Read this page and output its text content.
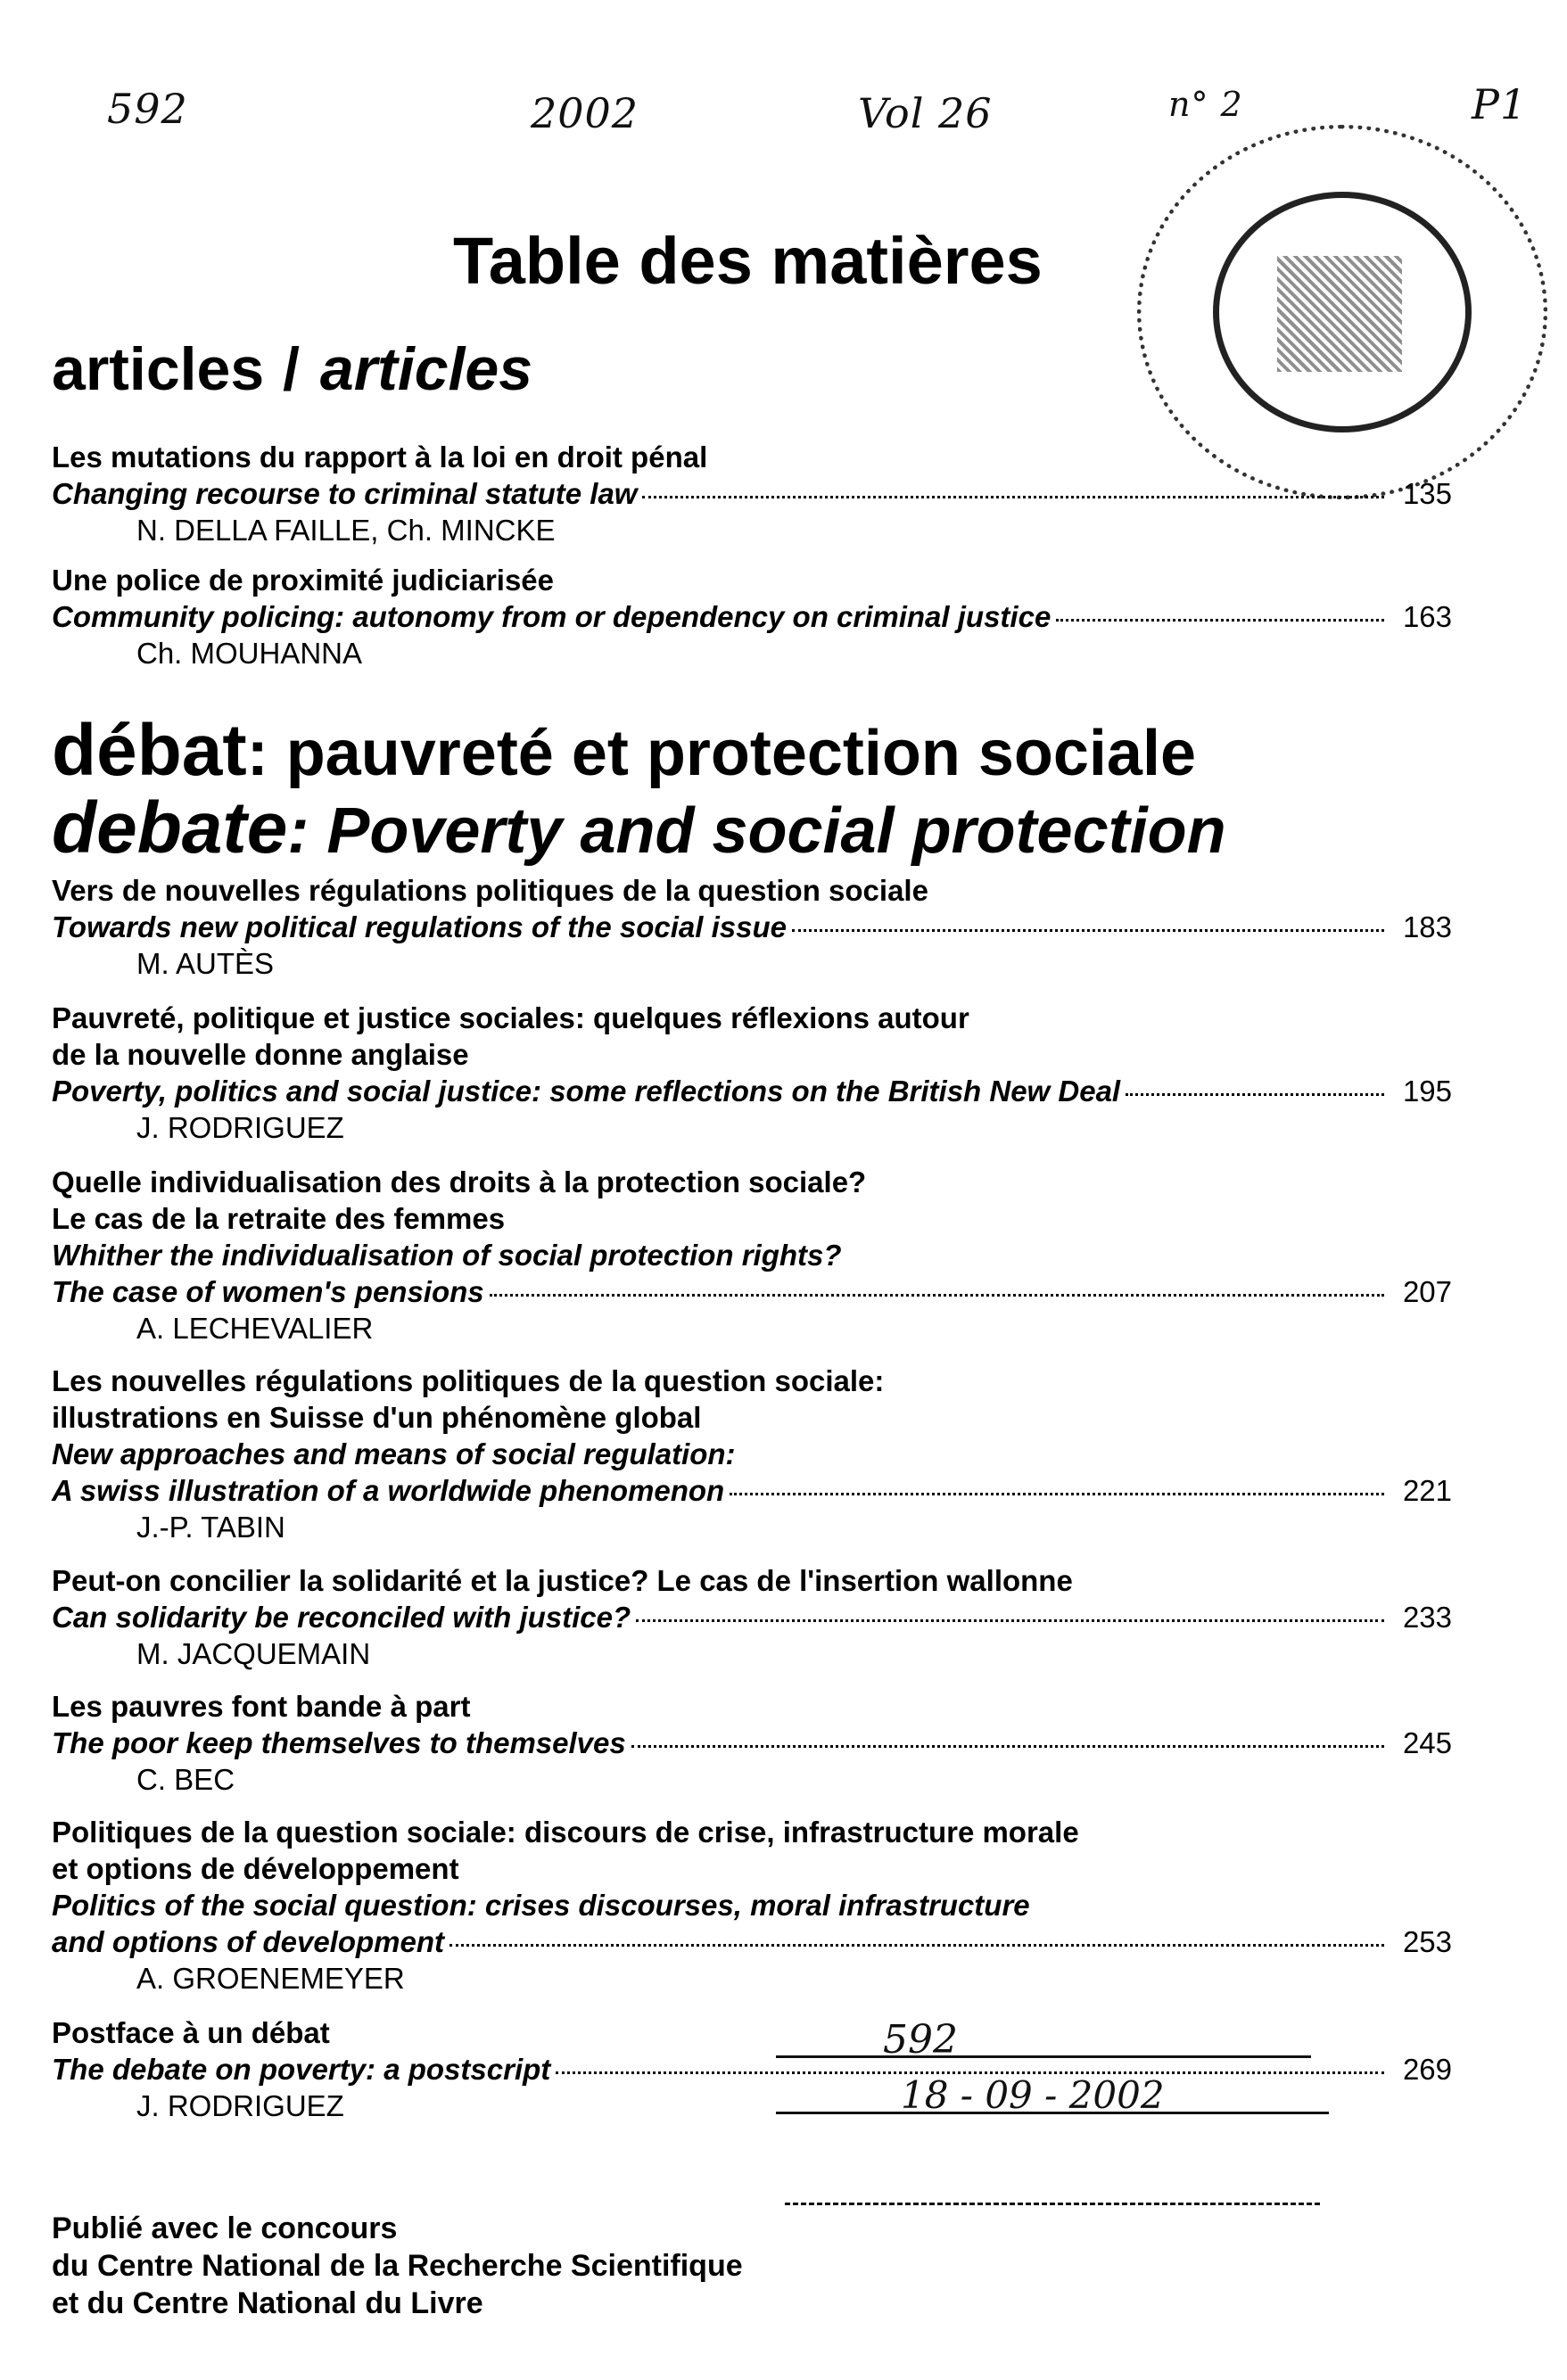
592	2002	Vol 26	n° 2	P1
Table des matières
articles / articles
Les mutations du rapport à la loi en droit pénal
Changing recourse to criminal statute law	135
N. DELLA FAILLE, Ch. MINCKE
Une police de proximité judiciarisée
Community policing: autonomy from or dependency on criminal justice	163
Ch. MOUHANNA
débat: pauvreté et protection sociale
debate: Poverty and social protection
Vers de nouvelles régulations politiques de la question sociale
Towards new political regulations of the social issue	183
M. AUTÈS
Pauvreté, politique et justice sociales: quelques réflexions autour
de la nouvelle donne anglaise
Poverty, politics and social justice: some reflections on the British New Deal	195
J. RODRIGUEZ
Quelle individualisation des droits à la protection sociale?
Le cas de la retraite des femmes
Whither the individualisation of social protection rights?
The case of women's pensions	207
A. LECHEVALIER
Les nouvelles régulations politiques de la question sociale:
illustrations en Suisse d'un phénomène global
New approaches and means of social regulation:
A swiss illustration of a worldwide phenomenon	221
J.-P. TABIN
Peut-on concilier la solidarité et la justice? Le cas de l'insertion wallonne
Can solidarity be reconciled with justice?	233
M. JACQUEMAIN
Les pauvres font bande à part
The poor keep themselves to themselves	245
C. BEC
Politiques de la question sociale: discours de crise, infrastructure morale
et options de développement
Politics of the social question: crises discourses, moral infrastructure
and options of development	253
A. GROENEMEYER
Postface à un débat
The debate on poverty: a postscript	269
J. RODRIGUEZ
592
18 - 09 - 2002
Publié avec le concours
du Centre National de la Recherche Scientifique
et du Centre National du Livre
